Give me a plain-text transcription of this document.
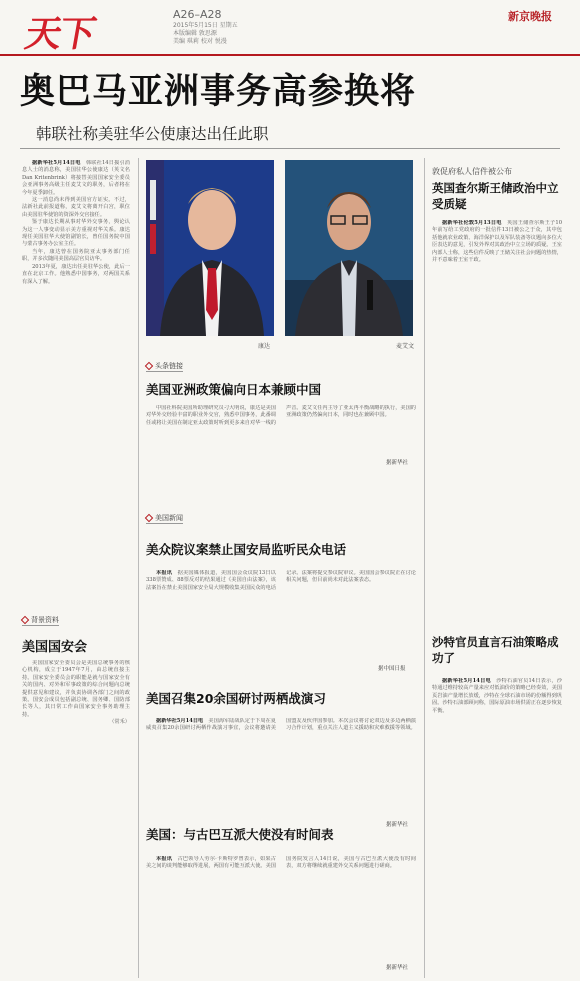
天下	A26–A28
2015年5月15日 星期五
本版编辑 敦思源
美编 琪莉 校对 悦漫
新京晚报
奥巴马亚洲事务高参换将
韩联社称美驻华公使康达出任此职

据新华社5月14日电　 韩联社14日援引消息人士的消息称，美国驻华公使康达（英文名Dan Kritenbrink）将接替美国国家安全委员会亚洲事务高级主任麦艾文的职务，后者将在今年夏季卸任。

这一消息尚未得到美国官方证实。不过，法新社此前报道称，麦艾文将离开白宫，职位由美国驻华使馆的资深外交官接任。

鉴于康达长期从事对华外交事务，舆论认为这一人事变动显示美方重视对华关系。康达现任美国驻华大使馆副馆长，曾任国务院中国与蒙古事务办公室主任。

当年，康达曾在国务院亚太事务部门任职，并多次随同美国高层官员访华。

2013年夏，康达出任美驻华公使，此后一直在北京工作。他熟悉中国事务，对两国关系有深入了解。

康达	麦艾文
背景资料
美国国安会

美国国家安全委员会是美国总统事务的核心机构，成立于1947年7月，由总统直接主持。国家安全委员会的职能是就与国家安全有关的国内、对外和军事政策的综合问题向总统提供意见和建议，并负责协调各部门之间的政策。国安会成员包括副总统、国务卿、国防部长等人，其日常工作由国家安全事务助理主持。

（常禾）

头条链接
美国亚洲政策偏向日本兼顾中国

中国社科院美国所助理研究员刁大明说，康达是美国对华外交经验丰富的职业外交官，熟悉中国事务，此番调任或将让美国在制定亚太政策时听到更多来自对华一线的声音。麦艾文任内主导了亚太再平衡战略的执行，美国的亚洲政策仍然偏向日本，同时也在兼顾中国。

据新华社
美国新闻
美众院议案禁止国安局监听民众电话

本报讯　 据美国媒体报道，美国国会众议院13日以338票赞成、88票反对的结果通过《美国自由法案》，该法案旨在禁止美国国家安全局大规模收集美国民众的电话记录。法案将提交参议院审议。美国国会参议院正在讨论相关问题，但目前尚未对此法案表态。

据中国日报
美国召集20余国研讨两栖战演习

据新华社5月14日电　 美国海军陆战队定于下周在夏威夷召集20余国研讨两栖作战演习事宜，会议将邀请美国盟友及伙伴国参加。本次会议将讨论双边及多边两栖演习合作计划，重点关注人道主义援助和灾难救援等领域。

据新华社
美国：与古巴互派大使没有时间表

本报讯　 古巴领导人劳尔·卡斯特罗曾表示，如果古美之间的谈判能够取得进展，两国有可能互派大使。美国国务院发言人14日说，美国与古巴互派大使没有时间表，双方将继续就重建外交关系问题进行磋商。

据新华社
敦促府私人信件被公布
英国查尔斯王储政治中立受质疑

据新华社伦敦5月13日电　 英国王储查尔斯王子10年前写给工党政府的一批信件13日被公之于众，其中包括他就农业政策、海洋保护以及军队装备等议题向多位大臣表达的意见，引发外界对其政治中立立场的质疑。王室内部人士称，这些信件反映了王储关注社会问题的热情，并不意味着王室干政。

沙特官员直言石油策略成功了

据新华社5月14日电　 沙特石油官员14日表示，沙特通过维持较高产量来应对低油价的策略已经奏效，美国页岩油产量增长放缓，沙特在全球石油市场的份额得到巩固。沙特石油部顾问称，国际原油市场供需正在逐步恢复平衡。
